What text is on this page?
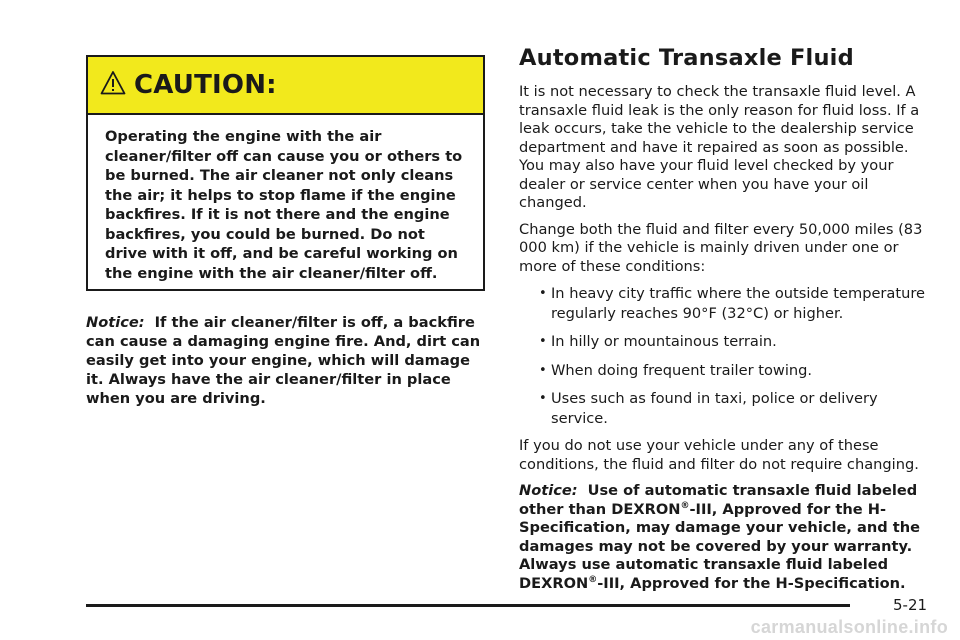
CAUTION:
Operating the engine with the air cleaner/filter off can cause you or others to be burned. The air cleaner not only cleans the air; it helps to stop flame if the engine backfires. If it is not there and the engine backfires, you could be burned. Do not drive with it off, and be careful working on the engine with the air cleaner/filter off.
Notice: If the air cleaner/filter is off, a backfire can cause a damaging engine fire. And, dirt can easily get into your engine, which will damage it. Always have the air cleaner/filter in place when you are driving.
Automatic Transaxle Fluid

It is not necessary to check the transaxle fluid level. A transaxle fluid leak is the only reason for fluid loss. If a leak occurs, take the vehicle to the dealership service department and have it repaired as soon as possible. You may also have your fluid level checked by your dealer or service center when you have your oil changed.

Change both the fluid and filter every 50,000 miles (83 000 km) if the vehicle is mainly driven under one or more of these conditions:

• In heavy city traffic where the outside temperature regularly reaches 90°F (32°C) or higher.
• In hilly or mountainous terrain.
• When doing frequent trailer towing.
• Uses such as found in taxi, police or delivery service.

If you do not use your vehicle under any of these conditions, the fluid and filter do not require changing.

Notice: Use of automatic transaxle fluid labeled other than DEXRON®-III, Approved for the H-Specification, may damage your vehicle, and the damages may not be covered by your warranty. Always use automatic transaxle fluid labeled DEXRON®-III, Approved for the H-Specification.
5-21
carmanualsonline.info
